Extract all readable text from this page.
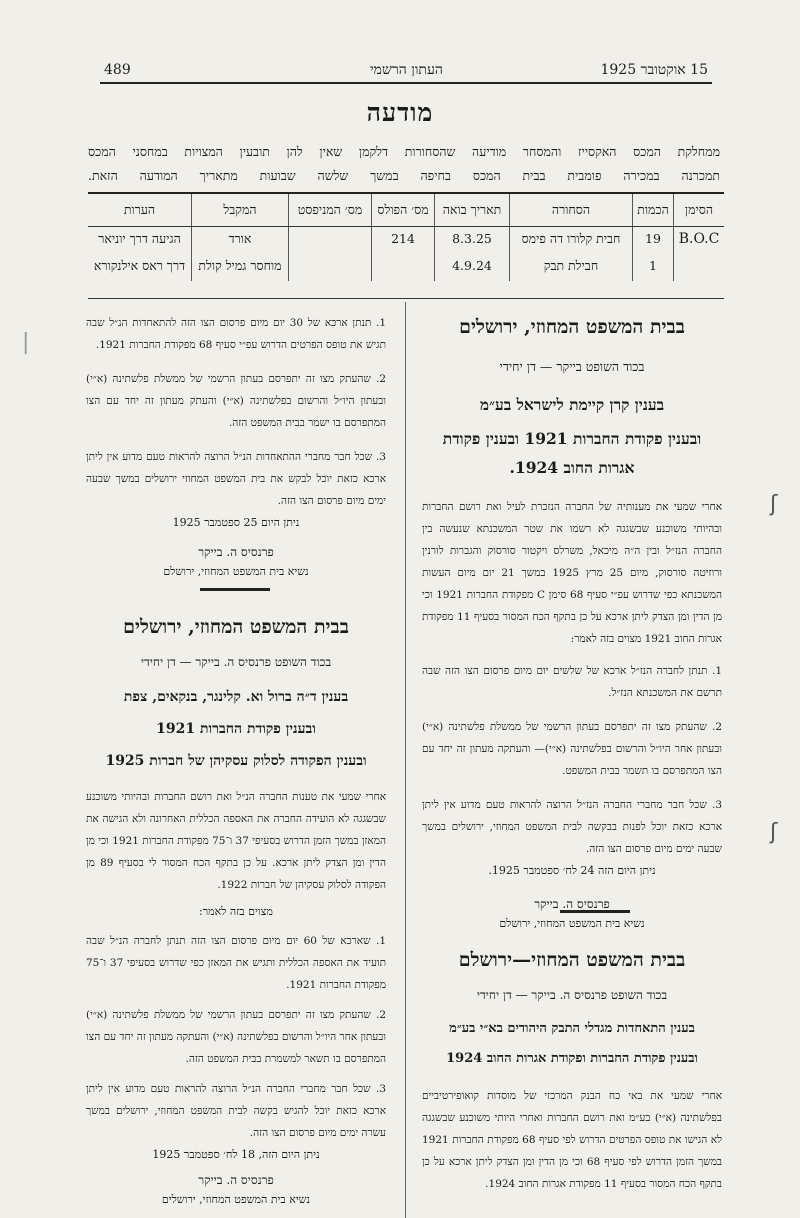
489	העתון הרשמי	15 אוקטובר 1925
מודעה
ממחלקת המכס האקסייז והמסחר מודיעה שהסחורות דלקמן שאין להן תובעין המצויות במחסני המכס
תמכרנה במכירה פומבית בבית המכס בחיפה במשך שלשה שבועות מתאריך המודעה הזאת.
הסימן	הכמות	הסחורה	תאריך בואה	מס׳ הפולס	מס׳ המניפסט	המקבל	הערות
B.O.C	19	חבית קלורו דה פימס	8.3.25	214		אורד	הגיעה דרך יוניאר
	1	חבילת תבק	4.9.24			מוחסר גמיל קולת	דרך ראס אילנקורא
בבית המשפט המחוזי, ירושלים
בכוד השופט בייקר — דן יחידי
בענין קרן קיימת לישראל בע״מ
ובענין פקודת החברות 1921 ובענין פקודת
אגרות החוב 1924.
אחרי שמעי את מענותיה של החברה הנזכרת לעיל ואת רושם החברות ובהיותי משוכנע שבשגגה לא רשמו את שטר המשכנתא שנעשה בין החברה הנז״ל ובין ה״ה מיכאל, משרלס ויקטור סורסוק והגברות לורנין ורוזיטה סורסוק, מיום 25 מרץ 1925 במשך 21 יום מיום העשות המשכנתא כפי שדרוש עפ״י סעיף 68 סימן C מפקודת החברות 1921 וכי מן הדין ומן הצדק ליתן ארכא על כן בתקף הכח המסור בסעיף 11 מפקודת אגרות החוב 1921 מצוים בזה לאמר:
1. תנתן לחברה הנז״ל ארכא של שלשים יום מיום פרסום הצו הזה שבה תרשם את המשכנתא הנז״ל.
2. שהעתק מצו זה יתפרסם בעתון הרשמי של ממשלת פלשתינה (א״י) ובעתון אחר היו״ל והרשום בפלשתינה (א״י)— והעתקה מעתון זה יחד עם הצו המתפרסם בו תשמר בבית המשפט.
3. שכל חבר מחברי החברה הנז״ל הרוצה להראות טעם מדוע אין ליתן ארכא כזאת יוכל לפנות בבקשה לבית המשפט המחוזי, ירושלים במשך שבעה ימים מיום פרסום הצו הזה.
ניתן היום הזה 24 לח׳ ספטמבר 1925.
פרנסיס ה. בייקר
נשיא בית המשפט המחוזי, ירושלם
בבית המשפט המחוזי—ירושלם
בכוד השופט פרנסיס ה. בייקר — דן יחידי
בענין התאחדות מגדלי התבק היהודים בא״י בע״מ
ובענין פקודת החברות ופקודת אגרות החוב 1924
אחרי שמעי את באי כח הבנק המרכזי של מוסדות קואופירטיביים בפלשתינה (א״י) בע״מ ואת רושם החברות ואחרי היותי משוכנע שבשגגה לא הגישו את טופס הפרטים הדרוש לפי סעיף 68 מפקודת החברות 1921 במשך הזמן הדרוש לפי סעיף 68 וכי מן הדין ומן הצדק ליתן ארכא על כן בתקף הכח המסור בסעיף 11 מפקודת אגרות החוב 1924.
1. תנתן ארכא של 30 יום מיום פרסום הצו הזה להתאחדות הנ״ל שבה תגיש את טופס הפרטים הדרוש עפ״י סעיף 68 מפקודת החברות 1921.
2. שהעתק מצו זה יתפרסם בעתון הרשמי של ממשלת פלשתינה (א״י) ובעתון היו״ל והרשום בפלשתינה (א״י) והעתק מעתון זה יחד עם הצו המתפרסם בו ישמר בבית המשפט הזה.
3. שכל חבר מחברי ההתאחדות הנ״ל הרוצה להראות טעם מדוע אין ליתן ארכא כזאת יוכל לבקש את בית המשפט המחוזי ירושלים במשך שבעה ימים מיום פרסום הצו הזה.
ניתן היום 25 ספטמבר 1925
פרנסיס ה. בייקר
נשיא בית המשפט המחוזי, ירושלם
בבית המשפט המחוזי, ירושלים
בכוד השופט פרנסיס ה. בייקר — דן יחידי
בענין ד״ה ברול וא. קלינגר, בנקאים, צפת
ובענין פקודת החברות 1921
ובענין הפקודה לסלוק עסקיהן של חברות 1925
אחרי שמעי את טענות החברה הנ״ל ואת רושם החברות ובהיותי משוכנע שבשגגה לא הועידה החברה את האספה הכללית האחרונה ולא הגישה את המאזן במשך הזמן הדרוש בסעיפי 37 ו־75 מפקודת החברות 1921 וכי מן הדין ומן הצדק ליתן ארכא. על כן בתקף הכח המסור לי בסעיף 89 מן הפקודה לסלוק עסקיהן של חברות 1922.
מצוים בזה לאמר:
1. שארכא של 60 יום מיום פרסום הצו הזה תנתן לחברה הנ״ל שבה תועיד את האספה הכללית ותגיש את המאזן כפי שדרוש בסעיפי 37 ו־75 מפקודת החברות 1921.
2. שהעתק מצו זה יתפרסם בעתון הרשמי של ממשלת פלשתינה (א״י) ובעתון אחר היו״ל והרשום בפלשתינה (א״י) והעתקה מעתון זה יחד עם הצו המתפרסם בו תשאר למשמרת בבית המשפט הזה.
3. שכל חבר מחברי החברה הנ״ל הרוצה להראות טעם מדוע אין ליתן ארכא כזאת יוכל להגיש בקשה לבית המשפט המחוזי, ירושלים במשך עשרה ימים מיום פרסום הצו הזה.
ניתן היום הזה, 18 לח׳ ספטמבר 1925
פרנסיס ה. בייקר
נשיא בית המשפט המחוזי, ירושלים
ʃ
ʃ
|
